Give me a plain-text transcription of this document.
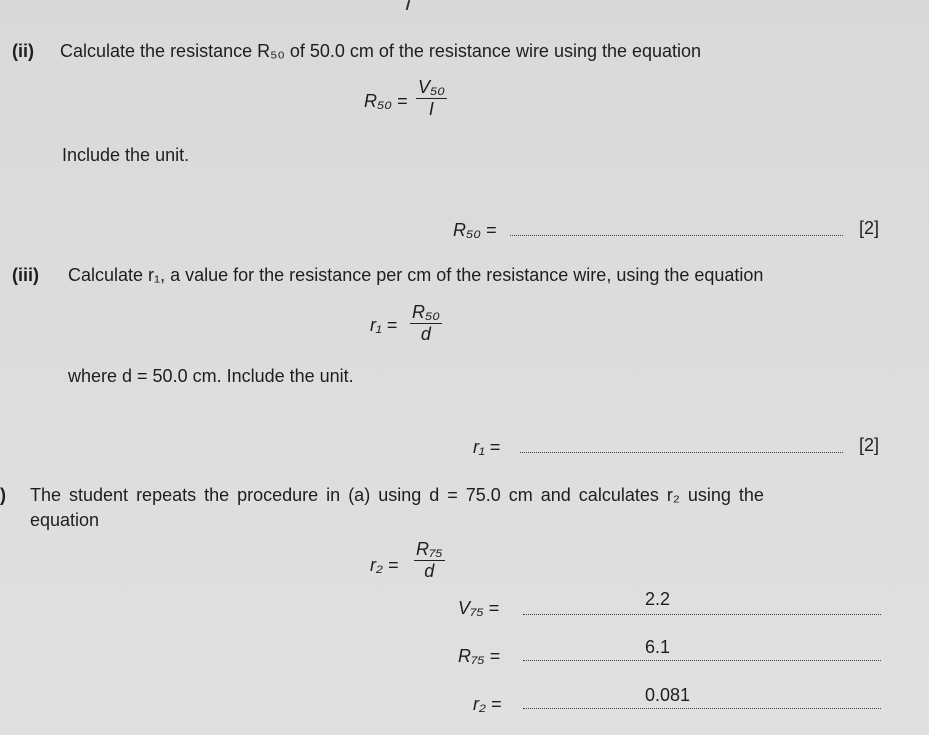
(ii) Calculate the resistance R₅₀ of 50.0 cm of the resistance wire using the equation
$R_{50} = \frac{\text{V₅₀}}{I}$
Include the unit.
R₅₀ =	[2]
(iii) Calculate r₁, a value for the resistance per cm of the resistance wire, using the equation
$r_1 = \frac{\text{R₅₀}}{d}$
where d = 50.0 cm. Include the unit.
r₁ =	[2]
) The student repeats the procedure in (a) using d = 75.0 cm and calculates r₂ using the
equation
$r_2 = \frac{\text{R₇₅}}{d}$
V₇₅ =	2.2
R₇₅ =	6.1
r₂ =	0.081
